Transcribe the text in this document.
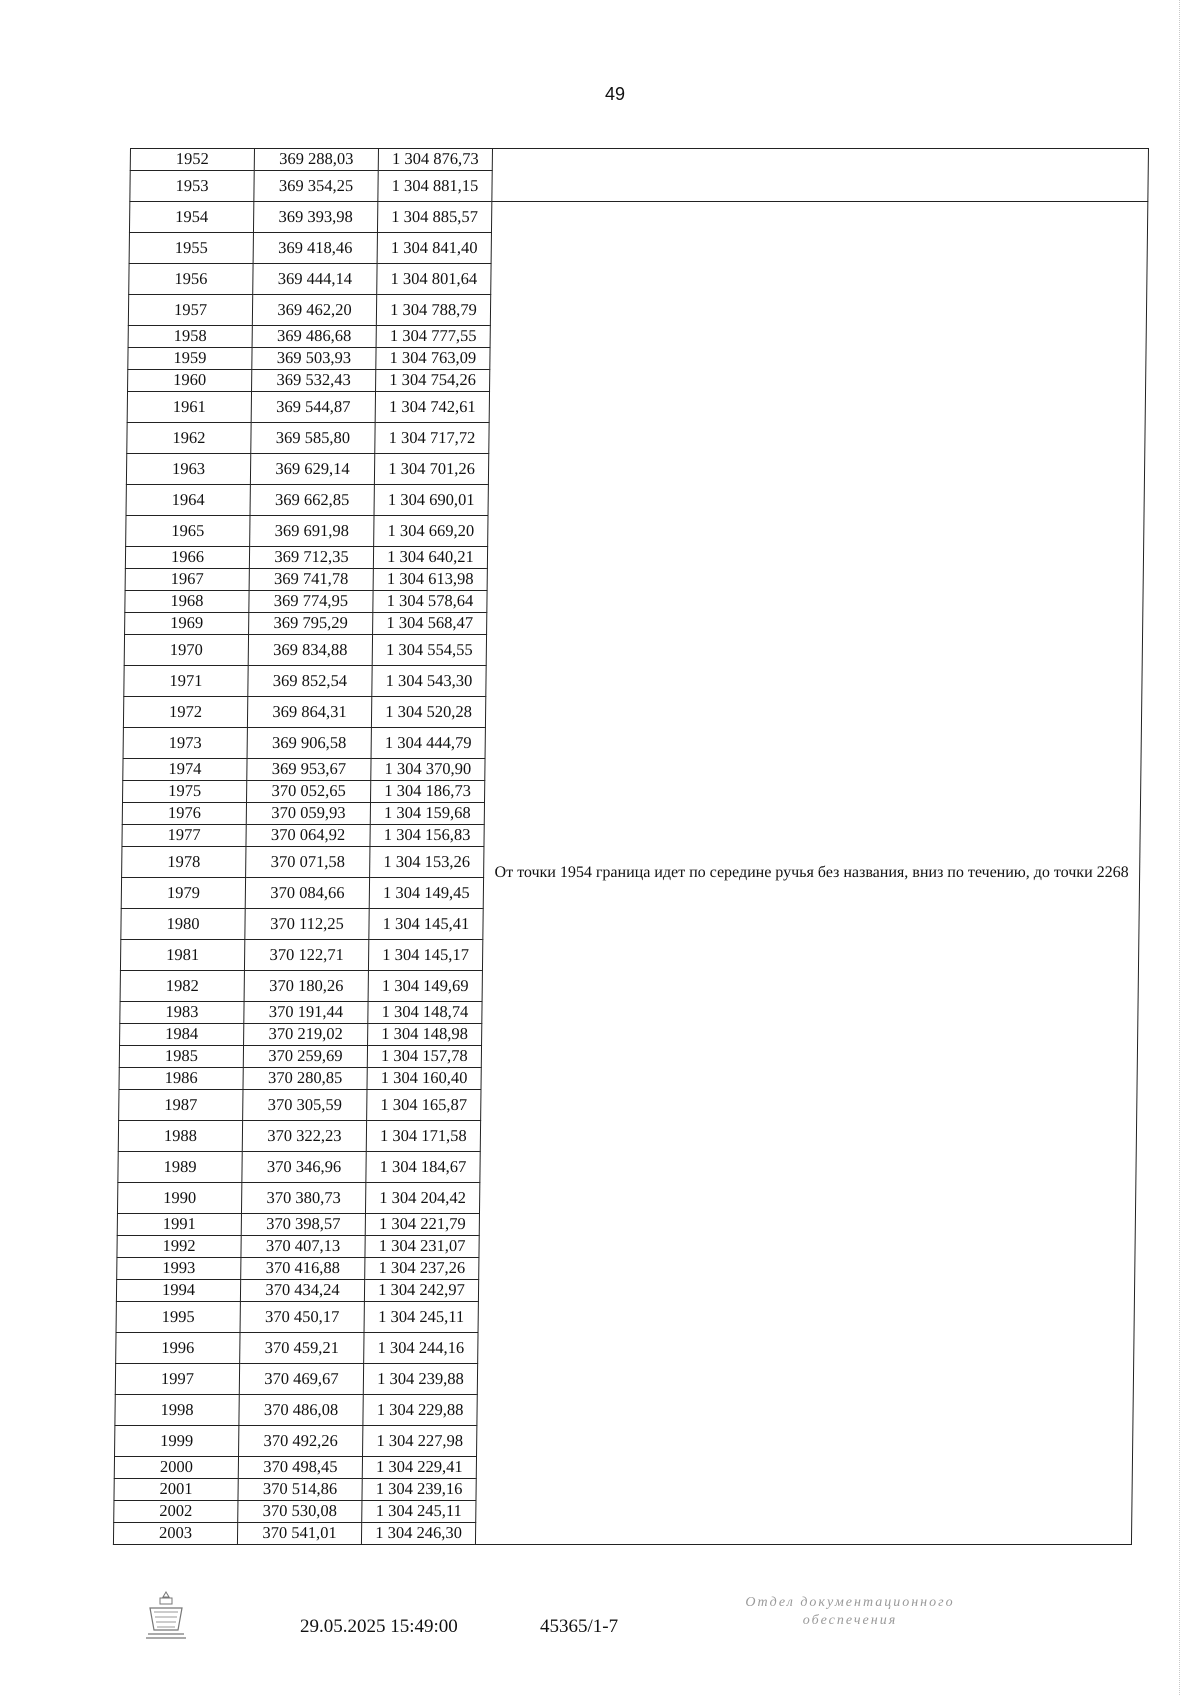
49
1952	369 288,03	1 304 876,73	
1953	369 354,25	1 304 881,15	
1954	369 393,98	1 304 885,57	От точки 1954 граница идет по середине ручья без названия, вниз по течению, до точки 2268
1955	369 418,46	1 304 841,40	
1956	369 444,14	1 304 801,64	
1957	369 462,20	1 304 788,79	
1958	369 486,68	1 304 777,55	
1959	369 503,93	1 304 763,09	
1960	369 532,43	1 304 754,26	
1961	369 544,87	1 304 742,61	
1962	369 585,80	1 304 717,72	
1963	369 629,14	1 304 701,26	
1964	369 662,85	1 304 690,01	
1965	369 691,98	1 304 669,20	
1966	369 712,35	1 304 640,21	
1967	369 741,78	1 304 613,98	
1968	369 774,95	1 304 578,64	
1969	369 795,29	1 304 568,47	
1970	369 834,88	1 304 554,55	
1971	369 852,54	1 304 543,30	
1972	369 864,31	1 304 520,28	
1973	369 906,58	1 304 444,79	
1974	369 953,67	1 304 370,90	
1975	370 052,65	1 304 186,73	
1976	370 059,93	1 304 159,68	
1977	370 064,92	1 304 156,83	
1978	370 071,58	1 304 153,26	
1979	370 084,66	1 304 149,45	
1980	370 112,25	1 304 145,41	
1981	370 122,71	1 304 145,17	
1982	370 180,26	1 304 149,69	
1983	370 191,44	1 304 148,74	
1984	370 219,02	1 304 148,98	
1985	370 259,69	1 304 157,78	
1986	370 280,85	1 304 160,40	
1987	370 305,59	1 304 165,87	
1988	370 322,23	1 304 171,58	
1989	370 346,96	1 304 184,67	
1990	370 380,73	1 304 204,42	
1991	370 398,57	1 304 221,79	
1992	370 407,13	1 304 231,07	
1993	370 416,88	1 304 237,26	
1994	370 434,24	1 304 242,97	
1995	370 450,17	1 304 245,11	
1996	370 459,21	1 304 244,16	
1997	370 469,67	1 304 239,88	
1998	370 486,08	1 304 229,88	
1999	370 492,26	1 304 227,98	
2000	370 498,45	1 304 229,41	
2001	370 514,86	1 304 239,16	
2002	370 530,08	1 304 245,11	
2003	370 541,01	1 304 246,30	
29.05.2025 15:49:00	45365/1-7
Отдел документационного
обеспечения
